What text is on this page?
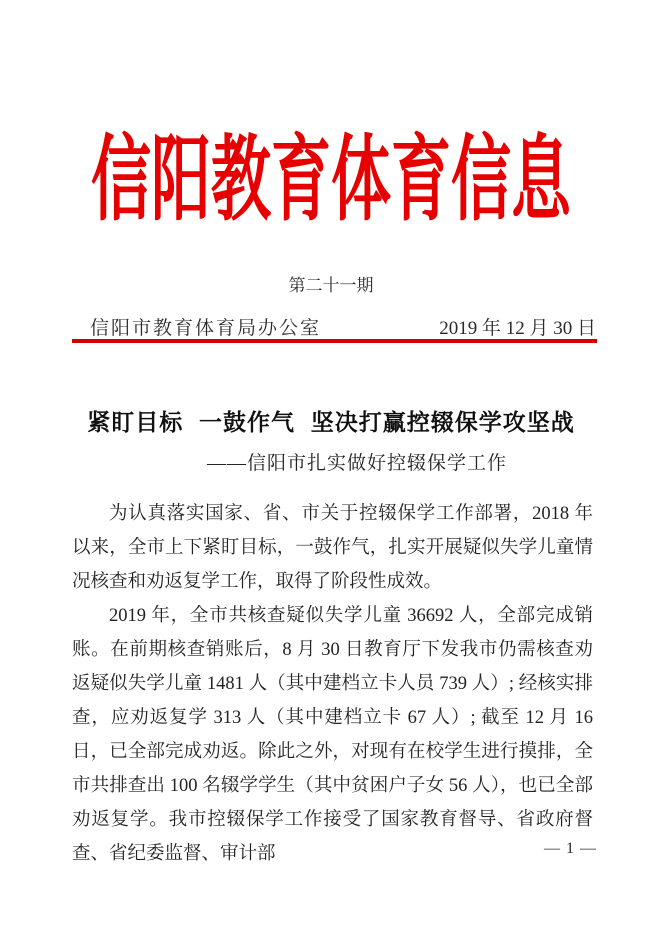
信阳教育体育信息
第二十一期
信阳市教育体育局办公室	2019 年 12 月 30 日
紧盯目标 一鼓作气 坚决打赢控辍保学攻坚战
——信阳市扎实做好控辍保学工作

为认真落实国家、省、市关于控辍保学工作部署，2018 年以来，全市上下紧盯目标，一鼓作气，扎实开展疑似失学儿童情况核查和劝返复学工作，取得了阶段性成效。

2019 年，全市共核查疑似失学儿童 36692 人，全部完成销账。在前期核查销账后，8 月 30 日教育厅下发我市仍需核查劝返疑似失学儿童 1481 人（其中建档立卡人员 739 人）; 经核实排查，应劝返复学 313 人（其中建档立卡 67 人）; 截至 12 月 16 日，已全部完成劝返。除此之外，对现有在校学生进行摸排，全市共排查出 100 名辍学学生（其中贫困户子女 56 人），也已全部劝返复学。我市控辍保学工作接受了国家教育督导、省政府督查、省纪委监督、审计部	— 1 —
